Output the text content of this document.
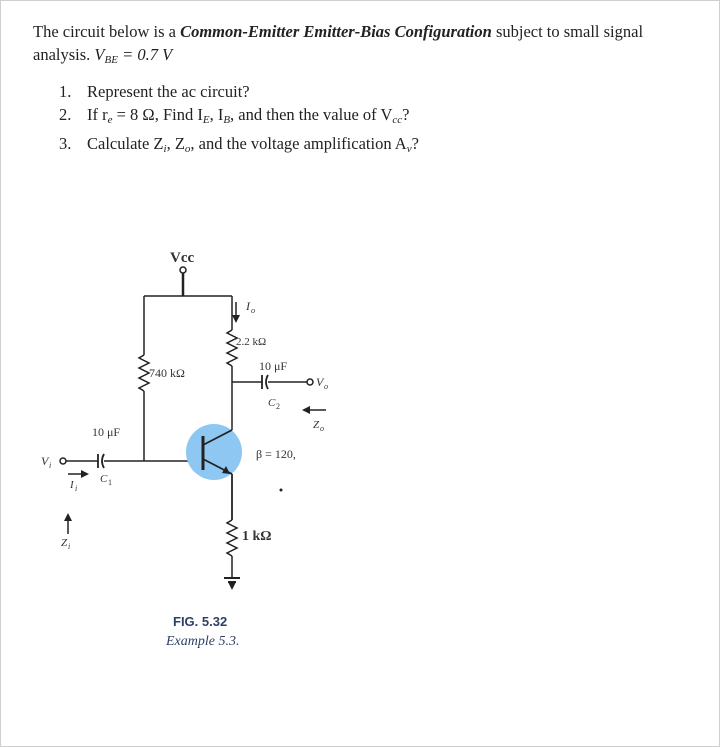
The circuit below is a Common-Emitter Emitter-Bias Configuration subject to small signal analysis. $V_{BE} = 0.7$ V
1. Represent the ac circuit?
2. If $r_e = 8$ Ω, Find $I_E$, $I_B$, and then the value of $V_{cc}$?
3. Calculate $Z_i$, $Z_o$, and the voltage amplification $A_v$?
Vcc
I o
2.2 kΩ
740 kΩ	10 μF
C 2
V o
Z o
10 μF
C 1
V i
I i
Z i
β = 120,
1 kΩ
FIG. 5.32
Example 5.3.
